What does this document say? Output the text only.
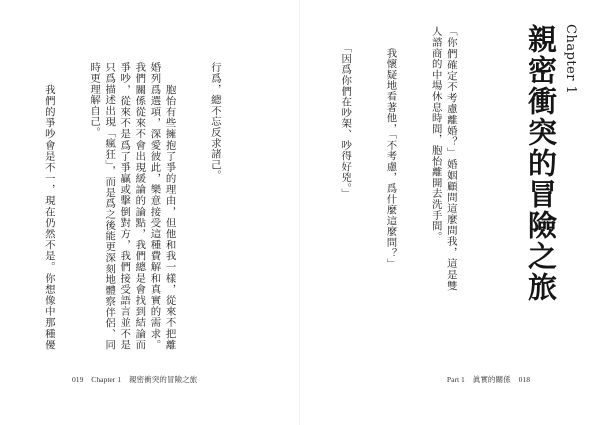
行爲，總不忘反求諸己。

　　胞怡有些擁抱了爭的理由，但他和我一樣，從來不把離婚列爲選項，深愛彼此，樂意接受這種費解和真實的需求。我們關係從來不會出現緩論的論點，我們總是會找到結論而爭吵，從來不是爲了爭贏或擊倒對方，我們接受語言並不是只爲描述出現「瘋狂」，而是爲之後能更深刻地體察伴侶、同時更理解自己。

　　我們的爭吵會是不一，現在仍然不是。你想像中那種優

019 Chapter 1 親密衝突的冒險之旅
Chapter 1
親密衝突的冒險之旅

「你們確定不考慮離婚？」婚姻顧問這麼問我，這是雙人諮商的中場休息時間，胞怡離開去洗手間。

　　我懷疑地看著他，「不考慮，爲什麼這麼問？」

　　「因爲你們在吵架、吵得好兇。」

Part 1 眞實的關係 018
